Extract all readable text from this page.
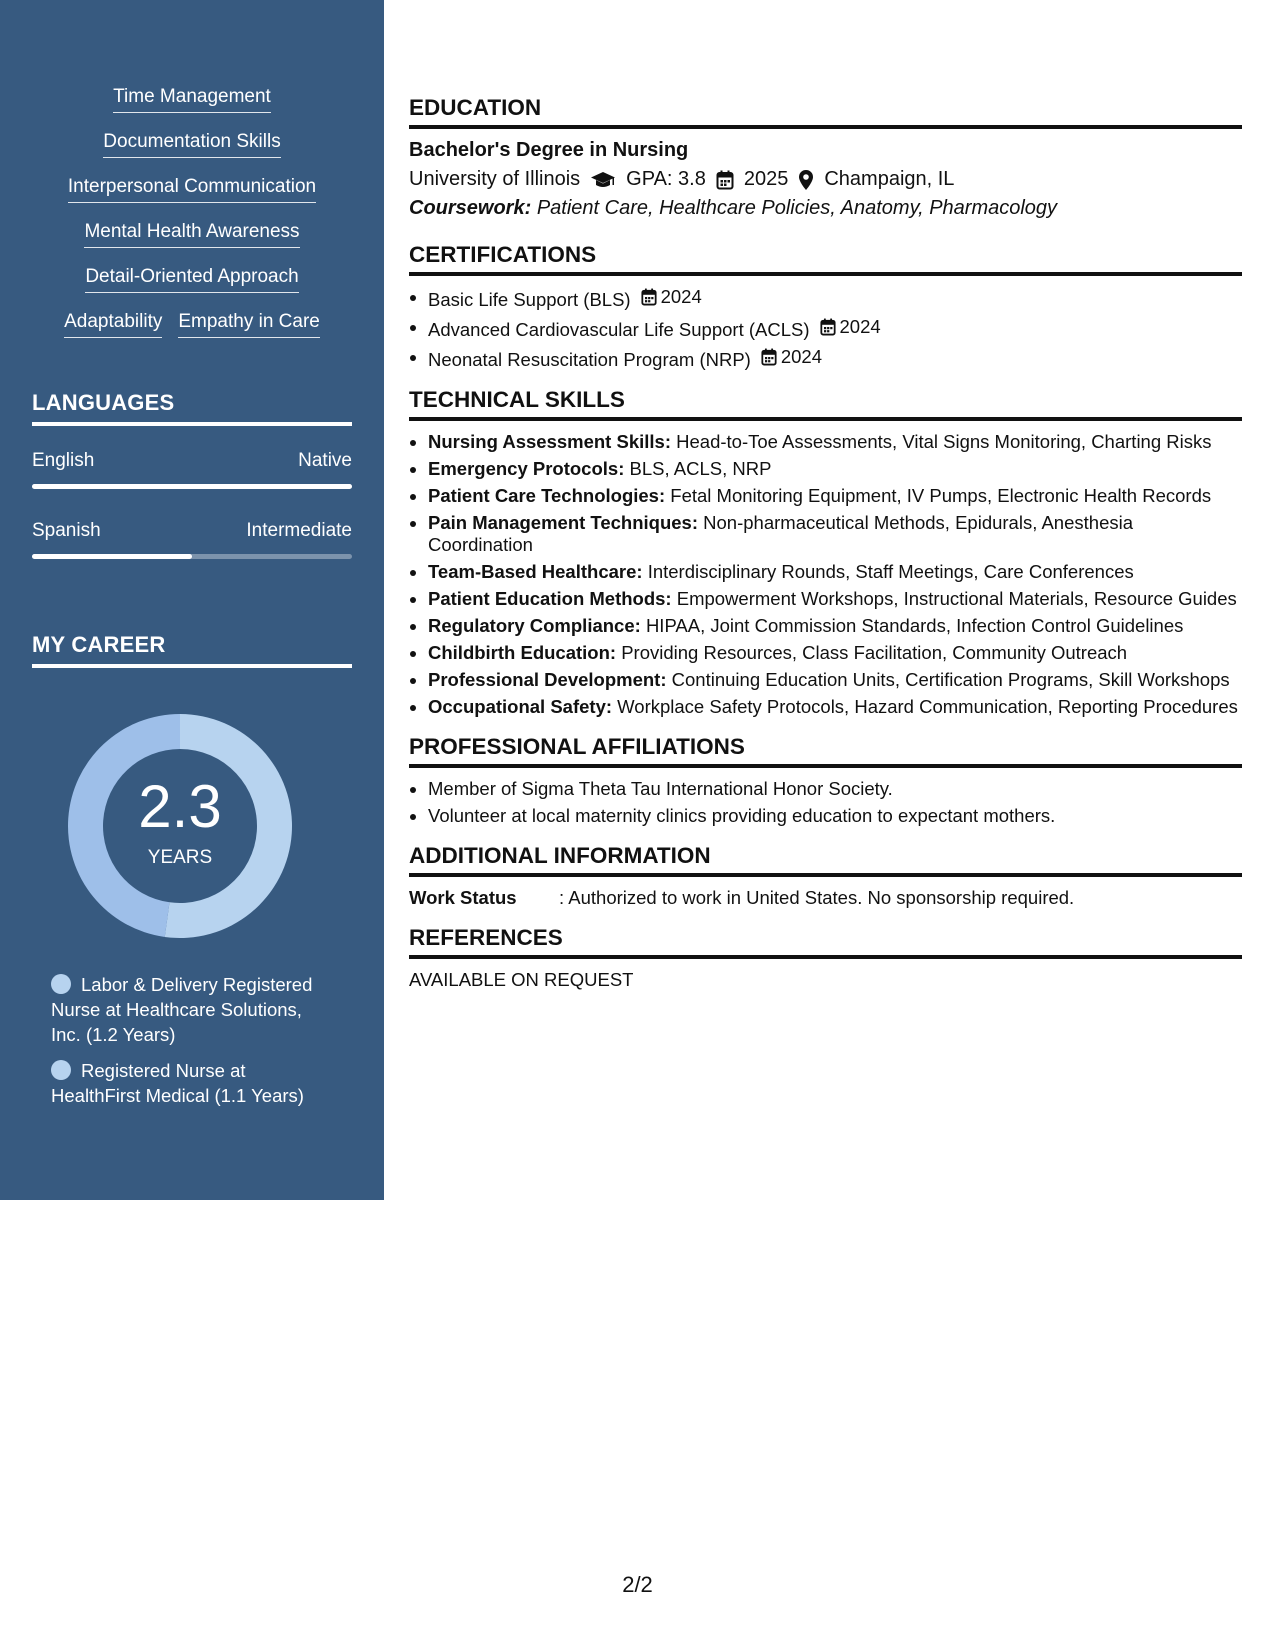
Time Management
Documentation Skills
Interpersonal Communication
Mental Health Awareness
Detail-Oriented Approach
Adaptability Empathy in Care
LANGUAGES
English	Native
Spanish	Intermediate
MY CAREER
2.3
YEARS
Labor & Delivery Registered Nurse at Healthcare Solutions, Inc. (1.2 Years)
Registered Nurse at HealthFirst Medical (1.1 Years)
EDUCATION
Bachelor's Degree in Nursing
University of Illinois GPA: 3.8 2025 Champaign, IL
Coursework: Patient Care, Healthcare Policies, Anatomy, Pharmacology
CERTIFICATIONS
Basic Life Support (BLS) 2024
Advanced Cardiovascular Life Support (ACLS) 2024
Neonatal Resuscitation Program (NRP) 2024
TECHNICAL SKILLS
Nursing Assessment Skills: Head-to-Toe Assessments, Vital Signs Monitoring, Charting Risks
Emergency Protocols: BLS, ACLS, NRP
Patient Care Technologies: Fetal Monitoring Equipment, IV Pumps, Electronic Health Records
Pain Management Techniques: Non-pharmaceutical Methods, Epidurals, Anesthesia Coordination
Team-Based Healthcare: Interdisciplinary Rounds, Staff Meetings, Care Conferences
Patient Education Methods: Empowerment Workshops, Instructional Materials, Resource Guides
Regulatory Compliance: HIPAA, Joint Commission Standards, Infection Control Guidelines
Childbirth Education: Providing Resources, Class Facilitation, Community Outreach
Professional Development: Continuing Education Units, Certification Programs, Skill Workshops
Occupational Safety: Workplace Safety Protocols, Hazard Communication, Reporting Procedures
PROFESSIONAL AFFILIATIONS
Member of Sigma Theta Tau International Honor Society.
Volunteer at local maternity clinics providing education to expectant mothers.
ADDITIONAL INFORMATION
Work Status	: Authorized to work in United States. No sponsorship required.
REFERENCES
AVAILABLE ON REQUEST
2/2
